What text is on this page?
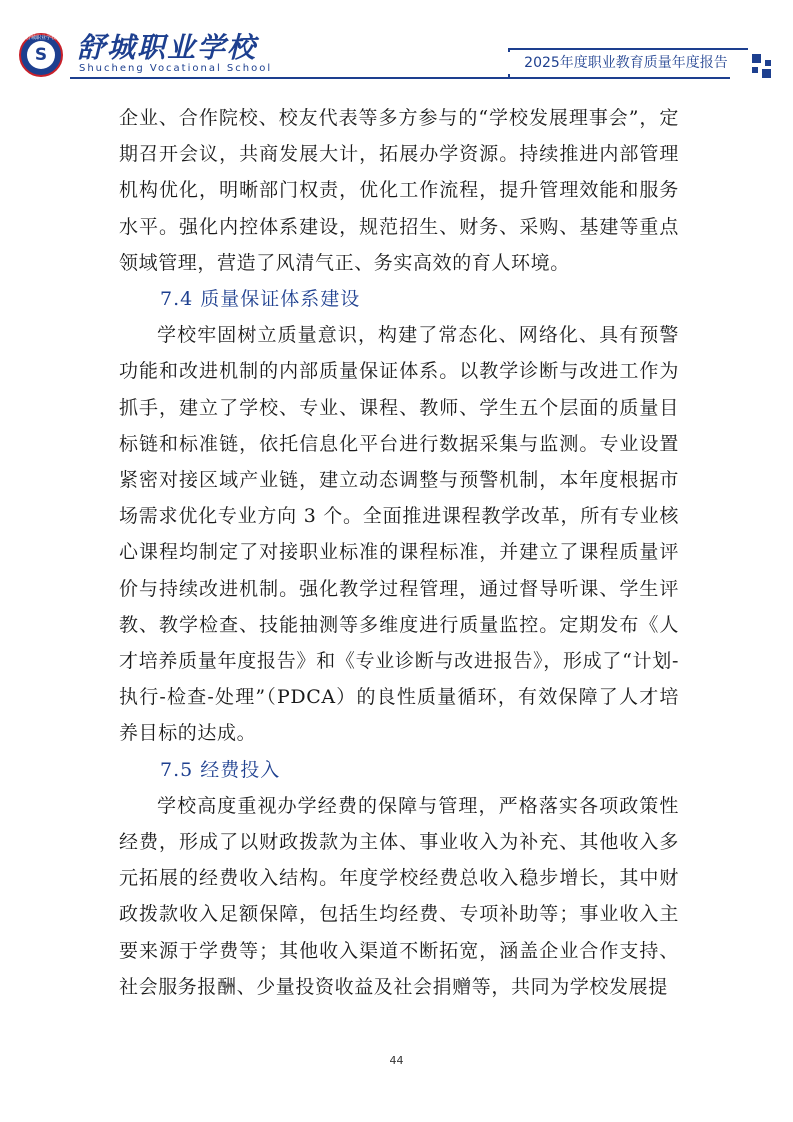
舒城职业学校
S 舒城职业学校
Shucheng Vocational School	2025年度职业教育质量年度报告

企业、合作院校、校友代表等多方参与的“学校发展理事会”，定期召开会议，共商发展大计，拓展办学资源。持续推进内部管理机构优化，明晰部门权责，优化工作流程，提升管理效能和服务水平。强化内控体系建设，规范招生、财务、采购、基建等重点领域管理，营造了风清气正、务实高效的育人环境。

7.4 质量保证体系建设

学校牢固树立质量意识，构建了常态化、网络化、具有预警功能和改进机制的内部质量保证体系。以教学诊断与改进工作为抓手，建立了学校、专业、课程、教师、学生五个层面的质量目标链和标准链，依托信息化平台进行数据采集与监测。专业设置紧密对接区域产业链，建立动态调整与预警机制，本年度根据市场需求优化专业方向 3 个。全面推进课程教学改革，所有专业核心课程均制定了对接职业标准的课程标准，并建立了课程质量评价与持续改进机制。强化教学过程管理，通过督导听课、学生评教、教学检查、技能抽测等多维度进行质量监控。定期发布《人才培养质量年度报告》和《专业诊断与改进报告》，形成了“计划-执行-检查-处理”（PDCA）的良性质量循环，有效保障了人才培养目标的达成。

7.5 经费投入

学校高度重视办学经费的保障与管理，严格落实各项政策性经费，形成了以财政拨款为主体、事业收入为补充、其他收入多元拓展的经费收入结构。年度学校经费总收入稳步增长，其中财政拨款收入足额保障，包括生均经费、专项补助等；事业收入主要来源于学费等；其他收入渠道不断拓宽，涵盖企业合作支持、社会服务报酬、少量投资收益及社会捐赠等，共同为学校发展提

44
